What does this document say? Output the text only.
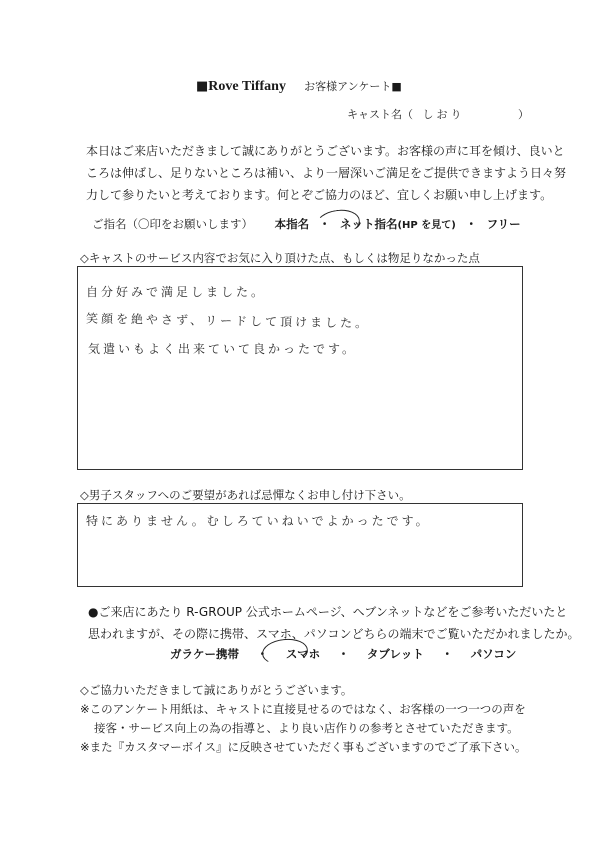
■Rove Tiffany お客様アンケート■
キャスト名（ しおり	）
本日はご来店いただきまして誠にありがとうございます。お客様の声に耳を傾け、良いと
ころは伸ばし、足りないところは補い、より一層深いご満足をご提供できますよう日々努
力して参りたいと考えております。何とぞご協力のほど、宜しくお願い申し上げます。
ご指名（〇印をお願いします） 本指名 ・ ネット指名(HP を見て) ・ フリー
◇キャストのサービス内容でお気に入り頂けた点、もしくは物足りなかった点
自分好みで満足しました。
笑顔を絶やさず、リードして頂けました。
気遣いもよく出来ていて良かったです。
◇男子スタッフへのご要望があれば忌憚なくお申し付け下さい。
特にありません。むしろていねいでよかったです。
●ご来店にあたり R-GROUP 公式ホームページ、ヘブンネットなどをご参考いただいたと
思われますが、その際に携帯、スマホ、パソコンどちらの端末でご覧いただかれましたか。
ガラケー携帯 ・ スマホ ・ タブレット ・ パソコン
◇ご協力いただきまして誠にありがとうございます。
※このアンケート用紙は、キャストに直接見せるのではなく、お客様の一つ一つの声を
接客・サービス向上の為の指導と、より良い店作りの参考とさせていただきます。
※また『カスタマーボイス』に反映させていただく事もございますのでご了承下さい。
